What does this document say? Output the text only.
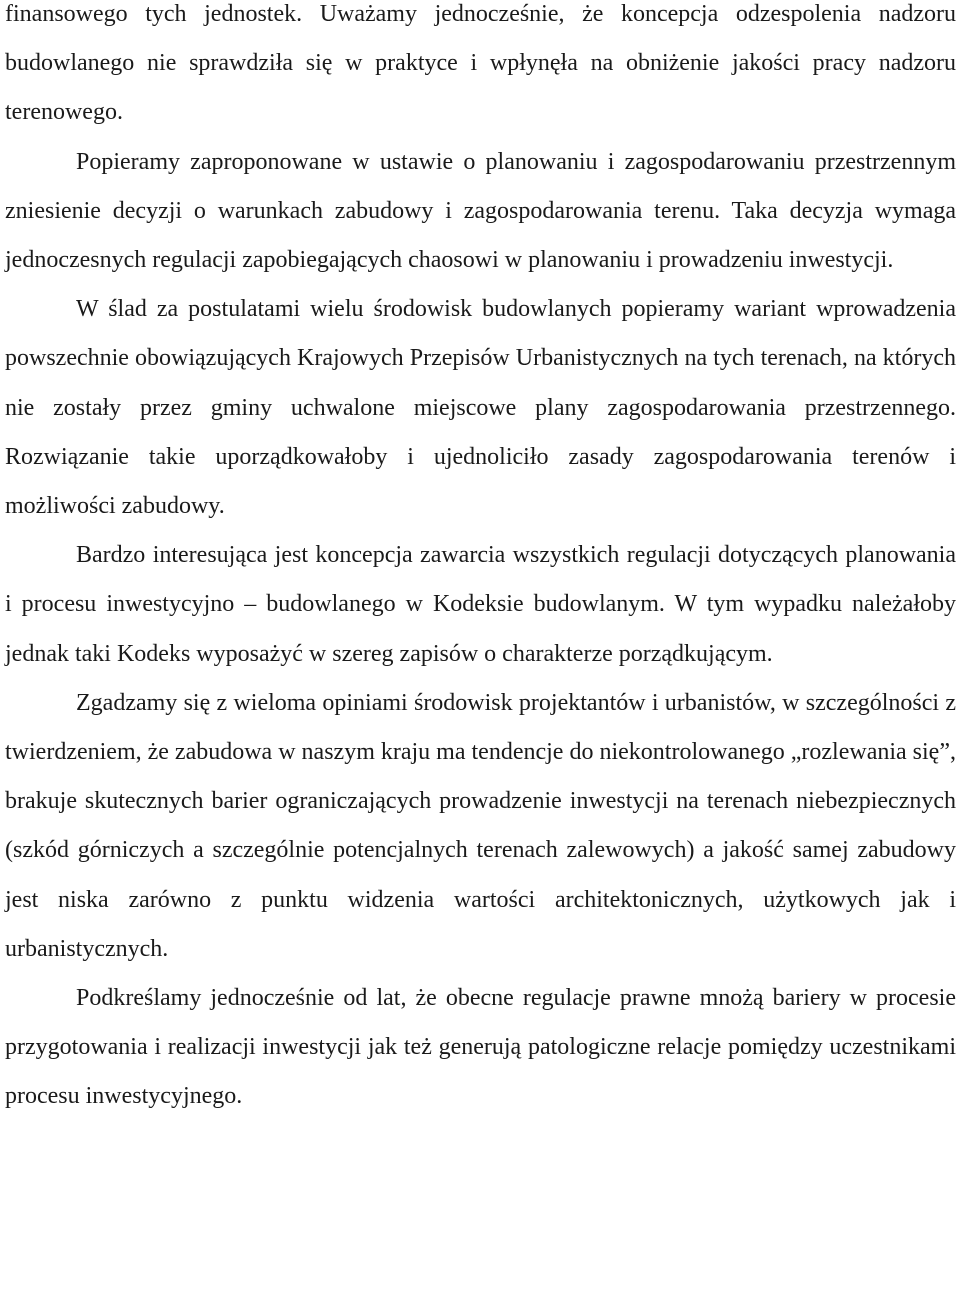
finansowego tych jednostek. Uważamy jednocześnie, że koncepcja odzespolenia nadzoru budowlanego nie sprawdziła się w praktyce i wpłynęła na obniżenie jakości pracy nadzoru terenowego.

Popieramy zaproponowane w ustawie o planowaniu i zagospodarowaniu przestrzennym zniesienie decyzji o warunkach zabudowy i zagospodarowania terenu. Taka decyzja wymaga jednoczesnych regulacji zapobiegających chaosowi w planowaniu i prowadzeniu inwestycji.

W ślad za postulatami wielu środowisk budowlanych popieramy wariant wprowadzenia powszechnie obowiązujących Krajowych Przepisów Urbanistycznych na tych terenach, na których nie zostały przez gminy uchwalone miejscowe plany zagospodarowania przestrzennego. Rozwiązanie takie uporządkowałoby i ujednoliciło zasady zagospodarowania terenów i możliwości zabudowy.

Bardzo interesująca jest koncepcja zawarcia wszystkich regulacji dotyczących planowania i procesu inwestycyjno – budowlanego w Kodeksie budowlanym. W tym wypadku należałoby jednak taki Kodeks wyposażyć w szereg zapisów o charakterze porządkującym.

Zgadzamy się z wieloma opiniami środowisk projektantów i urbanistów, w szczególności z twierdzeniem, że zabudowa w naszym kraju ma tendencje do niekontrolowanego „rozlewania się”, brakuje skutecznych barier ograniczających prowadzenie inwestycji na terenach niebezpiecznych (szkód górniczych a szczególnie potencjalnych terenach zalewowych) a jakość samej zabudowy jest niska zarówno z punktu widzenia wartości architektonicznych, użytkowych jak i urbanistycznych.

Podkreślamy jednocześnie od lat, że obecne regulacje prawne mnożą bariery w procesie przygotowania i realizacji inwestycji jak też generują patologiczne relacje pomiędzy uczestnikami procesu inwestycyjnego.
